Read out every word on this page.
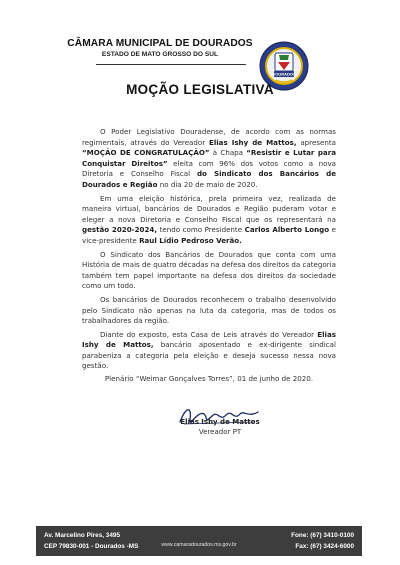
CÂMARA MUNICIPAL DE DOURADOS
ESTADO DE MATO GROSSO DO SUL
DOURADOS
MOÇÃO LEGISLATIVA

O Poder Legislativo Douradense, de acordo com as normas regimentais, através do Vereador Elias Ishy de Mattos, apresenta “MOÇÃO DE CONGRATULAÇÃO” à Chapa “Resistir e Lutar para Conquistar Direitos” eleita com 96% dos votos como a nova Diretoria e Conselho Fiscal do Sindicato dos Bancários de Dourados e Região no dia 20 de maio de 2020.

Em uma eleição histórica, prela primeira vez, realizada de maneira virtual, bancários de Dourados e Região puderam votar e eleger a nova Diretoria e Conselho Fiscal que os representará na gestão 2020-2024, tendo como Presidente Carlos Alberto Longo e vice-presidente Raul Lídio Pedroso Verão.

O Sindicato dos Bancários de Dourados que conta com uma História de mais de quatro décadas na defesa dos direitos da categoria também tem papel importante na defesa dos direitos da sociedade como um todo.

Os bancários de Dourados reconhecem o trabalho desenvolvido pelo Sindicato não apenas na luta da categoria, mas de todos os trabalhadores da região.

Diante do exposto, esta Casa de Leis através do Vereador Elias Ishy de Mattos, bancário aposentado e ex-dirigente sindical parabeniza a categoria pela eleição e deseja sucesso nessa nova gestão.

Plenário “Weimar Gonçalves Torres”, 01 de junho de 2020.
Elias Ishy de Mattos
Vereador PT
Av. Marcelino Pires, 3495
CEP 79830-001 - Dourados -MS	www.camaradourados.ms.gov.br
Fone: (67) 3410-0100
Fax: (67) 3424-6000
